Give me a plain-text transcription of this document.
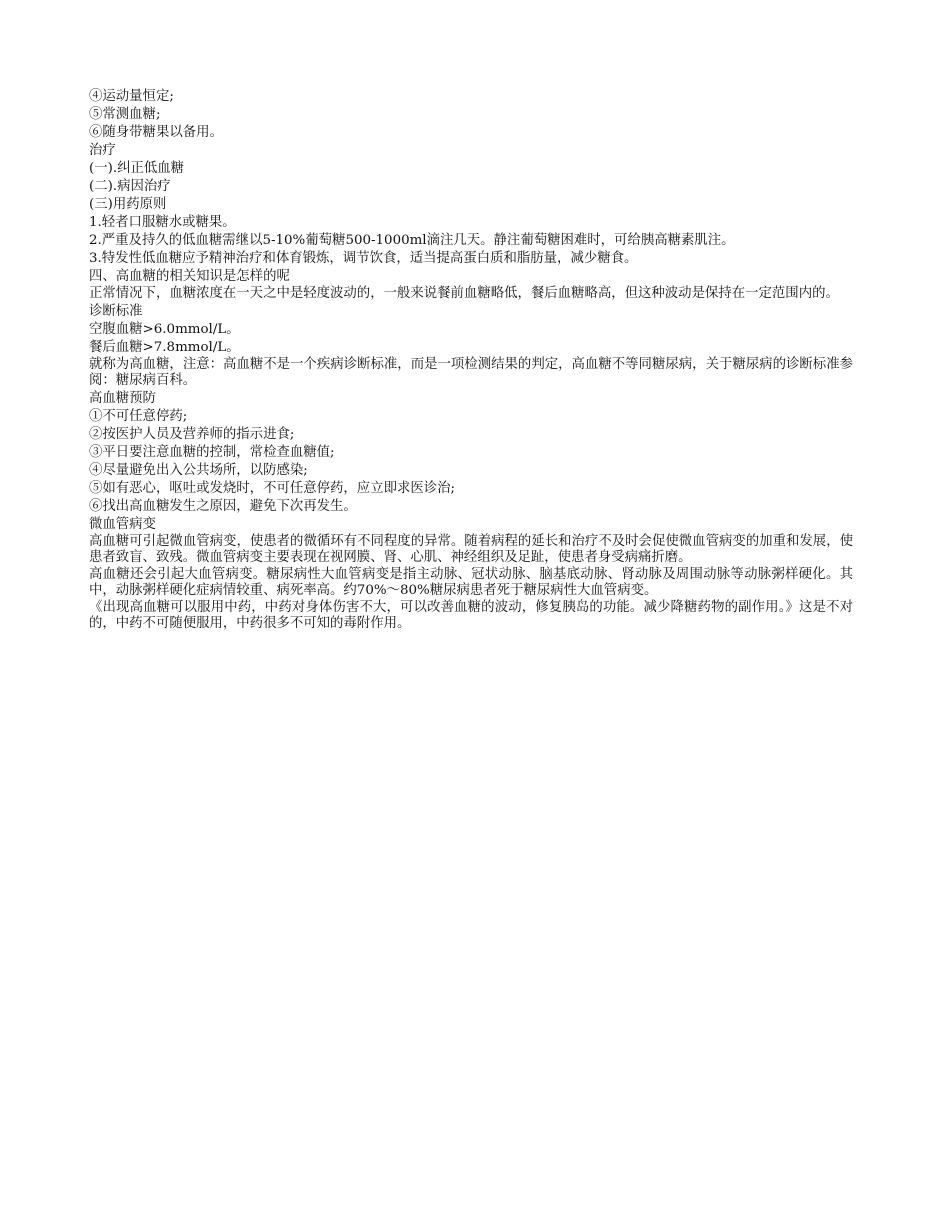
④运动量恒定;
⑤常测血糖;
⑥随身带糖果以备用。
治疗
(一).纠正低血糖
(二).病因治疗
(三)用药原则
1.轻者口服糖水或糖果。
2.严重及持久的低血糖需继以5-10%葡萄糖500-1000ml滴注几天。静注葡萄糖困难时，可给胰高糖素肌注。
3.特发性低血糖应予精神治疗和体育锻炼，调节饮食，适当提高蛋白质和脂肪量，减少糖食。
四、高血糖的相关知识是怎样的呢
正常情况下，血糖浓度在一天之中是轻度波动的，一般来说餐前血糖略低，餐后血糖略高，但这种波动是保持在一定范围内的。
诊断标准
空腹血糖>6.0mmol/L。
餐后血糖>7.8mmol/L。
就称为高血糖，注意：高血糖不是一个疾病诊断标准，而是一项检测结果的判定，高血糖不等同糖尿病，关于糖尿病的诊断标准参阅：糖尿病百科。
高血糖预防
①不可任意停药;
②按医护人员及营养师的指示进食;
③平日要注意血糖的控制，常检查血糖值;
④尽量避免出入公共场所，以防感染;
⑤如有恶心，呕吐或发烧时，不可任意停药，应立即求医诊治;
⑥找出高血糖发生之原因，避免下次再发生。
微血管病变
高血糖可引起微血管病变，使患者的微循环有不同程度的异常。随着病程的延长和治疗不及时会促使微血管病变的加重和发展，使患者致盲、致残。微血管病变主要表现在视网膜、肾、心肌、神经组织及足趾，使患者身受病痛折磨。
高血糖还会引起大血管病变。糖尿病性大血管病变是指主动脉、冠状动脉、脑基底动脉、肾动脉及周围动脉等动脉粥样硬化。其中，动脉粥样硬化症病情较重、病死率高。约70%～80%糖尿病患者死于糖尿病性大血管病变。
《出现高血糖可以服用中药，中药对身体伤害不大，可以改善血糖的波动，修复胰岛的功能。减少降糖药物的副作用。》这是不对的，中药不可随便服用，中药很多不可知的毒附作用。
